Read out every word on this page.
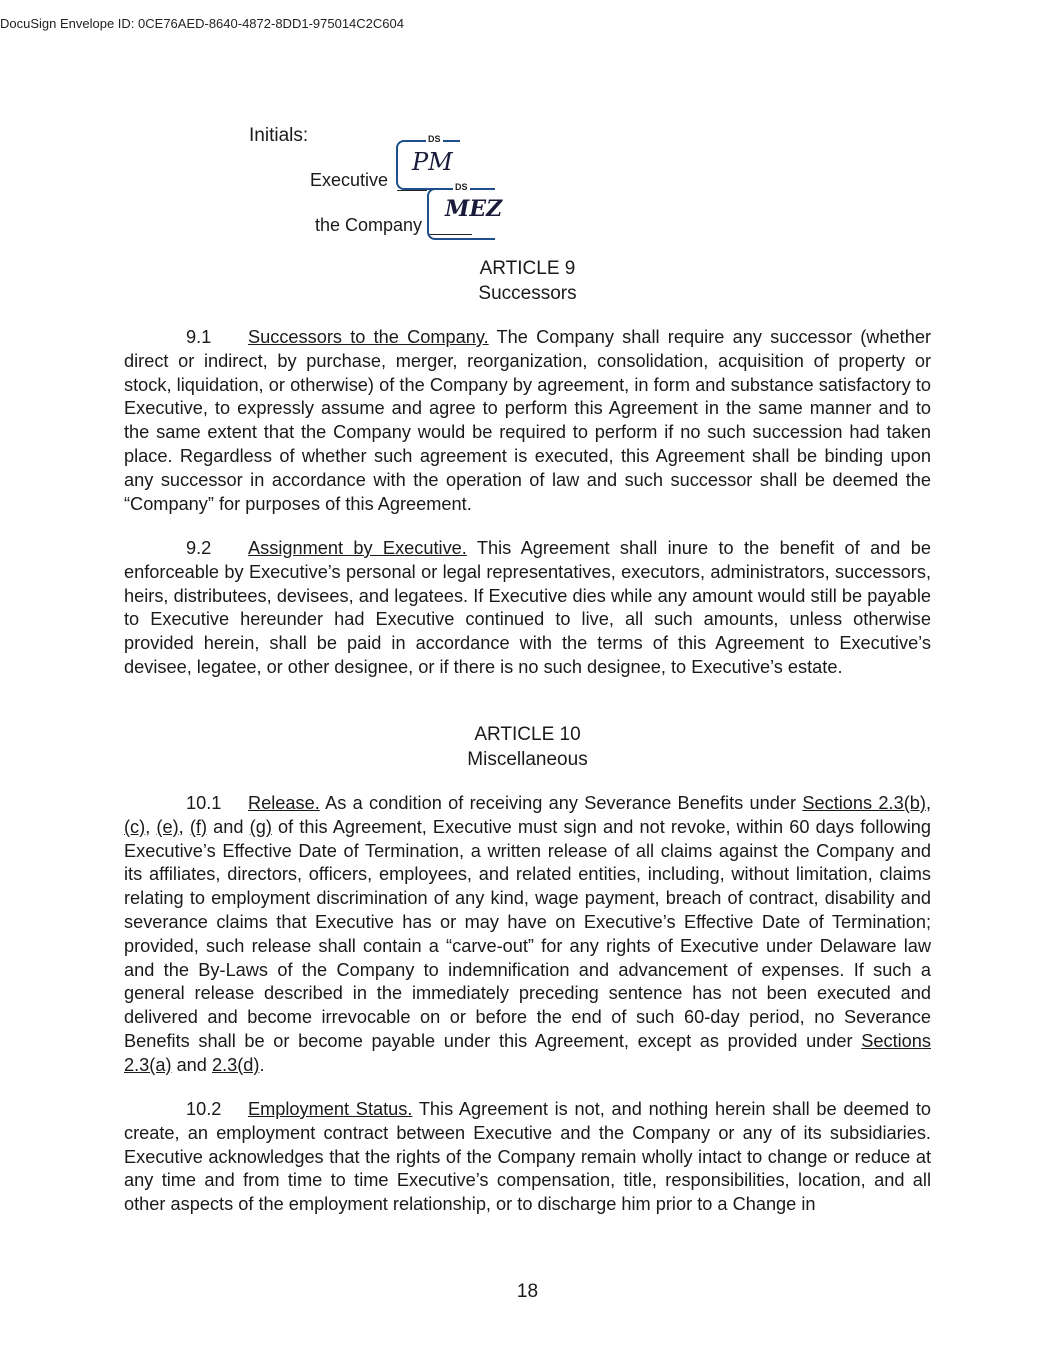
DocuSign Envelope ID: 0CE76AED-8640-4872-8DD1-975014C2C604
Initials:
Executive
the Company
DS
PM
DS
MEZ
ARTICLE 9
Successors
9.1 Successors to the Company. The Company shall require any successor (whether direct or indirect, by purchase, merger, reorganization, consolidation, acquisition of property or stock, liquidation, or otherwise) of the Company by agreement, in form and substance satisfactory to Executive, to expressly assume and agree to perform this Agreement in the same manner and to the same extent that the Company would be required to perform if no such succession had taken place. Regardless of whether such agreement is executed, this Agreement shall be binding upon any successor in accordance with the operation of law and such successor shall be deemed the “Company” for purposes of this Agreement.
9.2 Assignment by Executive. This Agreement shall inure to the benefit of and be enforceable by Executive’s personal or legal representatives, executors, administrators, successors, heirs, distributees, devisees, and legatees. If Executive dies while any amount would still be payable to Executive hereunder had Executive continued to live, all such amounts, unless otherwise provided herein, shall be paid in accordance with the terms of this Agreement to Executive’s devisee, legatee, or other designee, or if there is no such designee, to Executive’s estate.
ARTICLE 10
Miscellaneous
10.1 Release. As a condition of receiving any Severance Benefits under Sections 2.3(b), (c), (e), (f) and (g) of this Agreement, Executive must sign and not revoke, within 60 days following Executive’s Effective Date of Termination, a written release of all claims against the Company and its affiliates, directors, officers, employees, and related entities, including, without limitation, claims relating to employment discrimination of any kind, wage payment, breach of contract, disability and severance claims that Executive has or may have on Executive’s Effective Date of Termination; provided, such release shall contain a “carve-out” for any rights of Executive under Delaware law and the By-Laws of the Company to indemnification and advancement of expenses. If such a general release described in the immediately preceding sentence has not been executed and delivered and become irrevocable on or before the end of such 60-day period, no Severance Benefits shall be or become payable under this Agreement, except as provided under Sections 2.3(a) and 2.3(d).
10.2 Employment Status. This Agreement is not, and nothing herein shall be deemed to create, an employment contract between Executive and the Company or any of its subsidiaries. Executive acknowledges that the rights of the Company remain wholly intact to change or reduce at any time and from time to time Executive’s compensation, title, responsibilities, location, and all other aspects of the employment relationship, or to discharge him prior to a Change in
18
